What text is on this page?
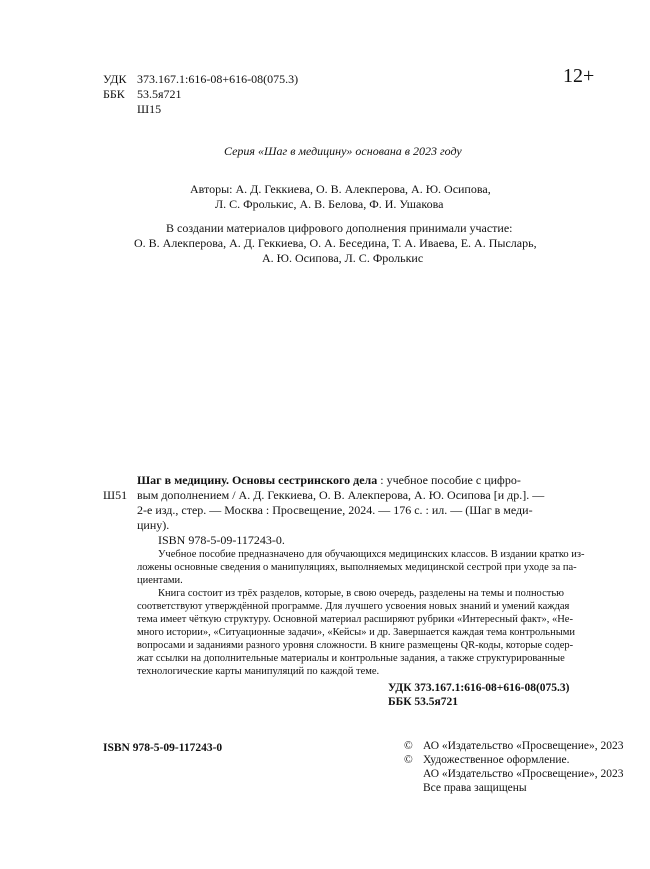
УДК 373.167.1:616-08+616-08(075.3)
ББК 53.5я721
Ш15
12+
Серия «Шаг в медицину» основана в 2023 году
Авторы: А. Д. Геккиева, О. В. Алекперова, А. Ю. Осипова,
Л. С. Фролькис, А. В. Белова, Ф. И. Ушакова
В создании материалов цифрового дополнения принимали участие:
О. В. Алекперова, А. Д. Геккиева, О. А. Беседина, Т. А. Иваева, Е. А. Пысларь,
А. Ю. Осипова, Л. С. Фролькис
Шаг в медицину. Основы сестринского дела : учебное пособие с цифро-
Ш51 вым дополнением / А. Д. Геккиева, О. В. Алекперова, А. Ю. Осипова [и др.]. —
2-е изд., стер. — Москва : Просвещение, 2024. — 176 с. : ил. — (Шаг в меди-
цину).
ISBN 978-5-09-117243-0.
Учебное пособие предназначено для обучающихся медицинских классов. В издании кратко из-
ложены основные сведения о манипуляциях, выполняемых медицинской сестрой при уходе за па-
циентами.
Книга состоит из трёх разделов, которые, в свою очередь, разделены на темы и полностью
соответствуют утверждённой программе. Для лучшего усвоения новых знаний и умений каждая
тема имеет чёткую структуру. Основной материал расширяют рубрики «Интересный факт», «Не-
много истории», «Ситуационные задачи», «Кейсы» и др. Завершается каждая тема контрольными
вопросами и заданиями разного уровня сложности. В книге размещены QR-коды, которые содер-
жат ссылки на дополнительные материалы и контрольные задания, а также структурированные
технологические карты манипуляций по каждой теме.
УДК 373.167.1:616-08+616-08(075.3)
ББК 53.5я721
ISBN 978-5-09-117243-0	© АО «Издательство «Просвещение», 2023
© Художественное оформление.
АО «Издательство «Просвещение», 2023
Все права защищены
